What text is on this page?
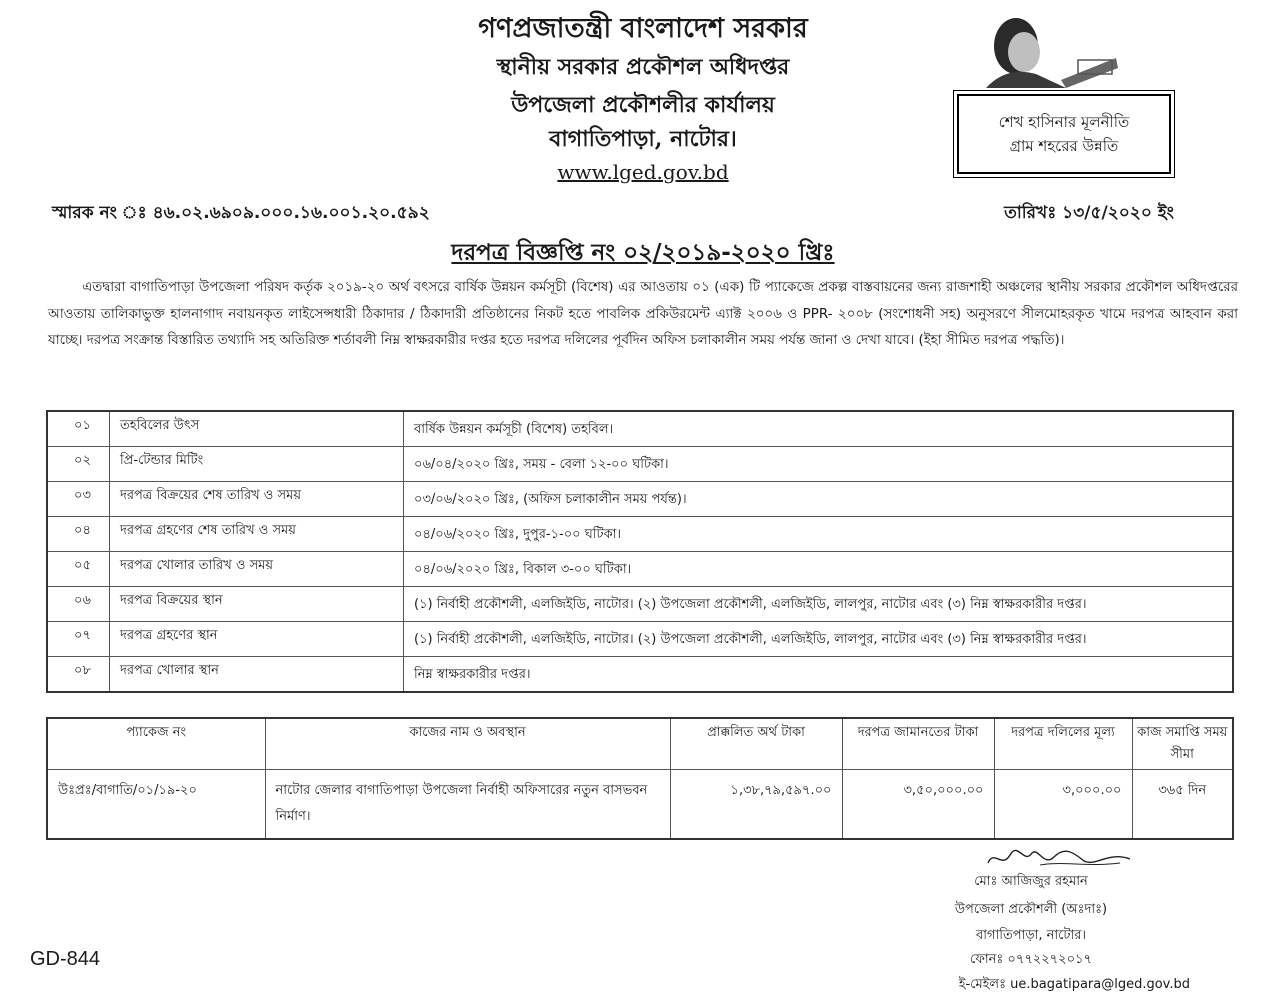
গণপ্রজাতন্ত্রী বাংলাদেশ সরকার
স্থানীয় সরকার প্রকৌশল অধিদপ্তর
উপজেলা প্রকৌশলীর কার্যালয়
বাগাতিপাড়া, নাটোর।
www.lged.gov.bd
শেখ হাসিনার মূলনীতি
গ্রাম শহরের উন্নতি
স্মারক নং ঃ ৪৬.০২.৬৯০৯.০০০.১৬.০০১.২০.৫৯২	তারিখঃ ১৩/৫/২০২০ ইং
দরপত্র বিজ্ঞপ্তি নং ০২/২০১৯-২০২০ খ্রিঃ
এতদ্বারা বাগাতিপাড়া উপজেলা পরিষদ কর্তৃক ২০১৯-২০ অর্থ বৎসরে বার্ষিক উন্নয়ন কর্মসূচী (বিশেষ) এর আওতায় ০১ (এক) টি প্যাকেজে প্রকল্প বাস্তবায়নের জন্য রাজশাহী অঞ্চলের স্থানীয় সরকার প্রকৌশল অধিদপ্তরের আওতায় তালিকাভুক্ত হালনাগাদ নবায়নকৃত লাইসেন্সধারী ঠিকাদার / ঠিকাদারী প্রতিষ্ঠানের নিকট হতে পাবলিক প্রকিউরমেন্ট এ্যাক্ট ২০০৬ ও PPR- ২০০৮ (সংশোধনী সহ) অনুসরণে সীলমোহরকৃত খামে দরপত্র আহবান করা যাচ্ছে। দরপত্র সংক্রান্ত বিস্তারিত তথ্যাদি সহ অতিরিক্ত শর্তাবলী নিম্ন স্বাক্ষরকারীর দপ্তর হতে দরপত্র দলিলের পূর্বদিন অফিস চলাকালীন সময় পর্যন্ত জানা ও দেখা যাবে। (ইহা সীমিত দরপত্র পদ্ধতি)।
০১	তহবিলের উৎস	বার্ষিক উন্নয়ন কর্মসূচী (বিশেষ) তহবিল।
০২	প্রি-টেন্ডার মিটিং	০৬/০৪/২০২০ খ্রিঃ, সময় - বেলা ১২-০০ ঘটিকা।
০৩	দরপত্র বিক্রয়ের শেষ তারিখ ও সময়	০৩/০৬/২০২০ খ্রিঃ, (অফিস চলাকালীন সময় পর্যন্ত)।
০৪	দরপত্র গ্রহণের শেষ তারিখ ও সময়	০৪/০৬/২০২০ খ্রিঃ, দুপুর-১-০০ ঘটিকা।
০৫	দরপত্র খোলার তারিখ ও সময়	০৪/০৬/২০২০ খ্রিঃ, বিকাল ৩-০০ ঘটিকা।
০৬	দরপত্র বিক্রয়ের স্থান	(১) নির্বাহী প্রকৌশলী, এলজিইডি, নাটোর। (২) উপজেলা প্রকৌশলী, এলজিইডি, লালপুর, নাটোর এবং (৩) নিম্ন স্বাক্ষরকারীর দপ্তর।
০৭	দরপত্র গ্রহণের স্থান	(১) নির্বাহী প্রকৌশলী, এলজিইডি, নাটোর। (২) উপজেলা প্রকৌশলী, এলজিইডি, লালপুর, নাটোর এবং (৩) নিম্ন স্বাক্ষরকারীর দপ্তর।
০৮	দরপত্র খোলার স্থান	নিম্ন স্বাক্ষরকারীর দপ্তর।
প্যাকেজ নং	কাজের নাম ও অবস্থান	প্রাক্কলিত অর্থ টাকা	দরপত্র জামানতের টাকা	দরপত্র দলিলের মূল্য	কাজ সমাপ্তি সময় সীমা
উঃপ্রঃ/বাগাতি/০১/১৯-২০	নাটোর জেলার বাগাতিপাড়া উপজেলা নির্বাহী অফিসারের নতুন বাসভবন নির্মাণ।	১,৩৮,৭৯,৫৯৭.০০	৩,৫০,০০০.০০	৩,০০০.০০	৩৬৫ দিন
মোঃ আজিজুর রহমান
উপজেলা প্রকৌশলী (অঃদাঃ)
বাগাতিপাড়া, নাটোর।
ফোনঃ ০৭৭২২৭২০১৭
ই-মেইলঃ ue.bagatipara@lged.gov.bd
GD-844
